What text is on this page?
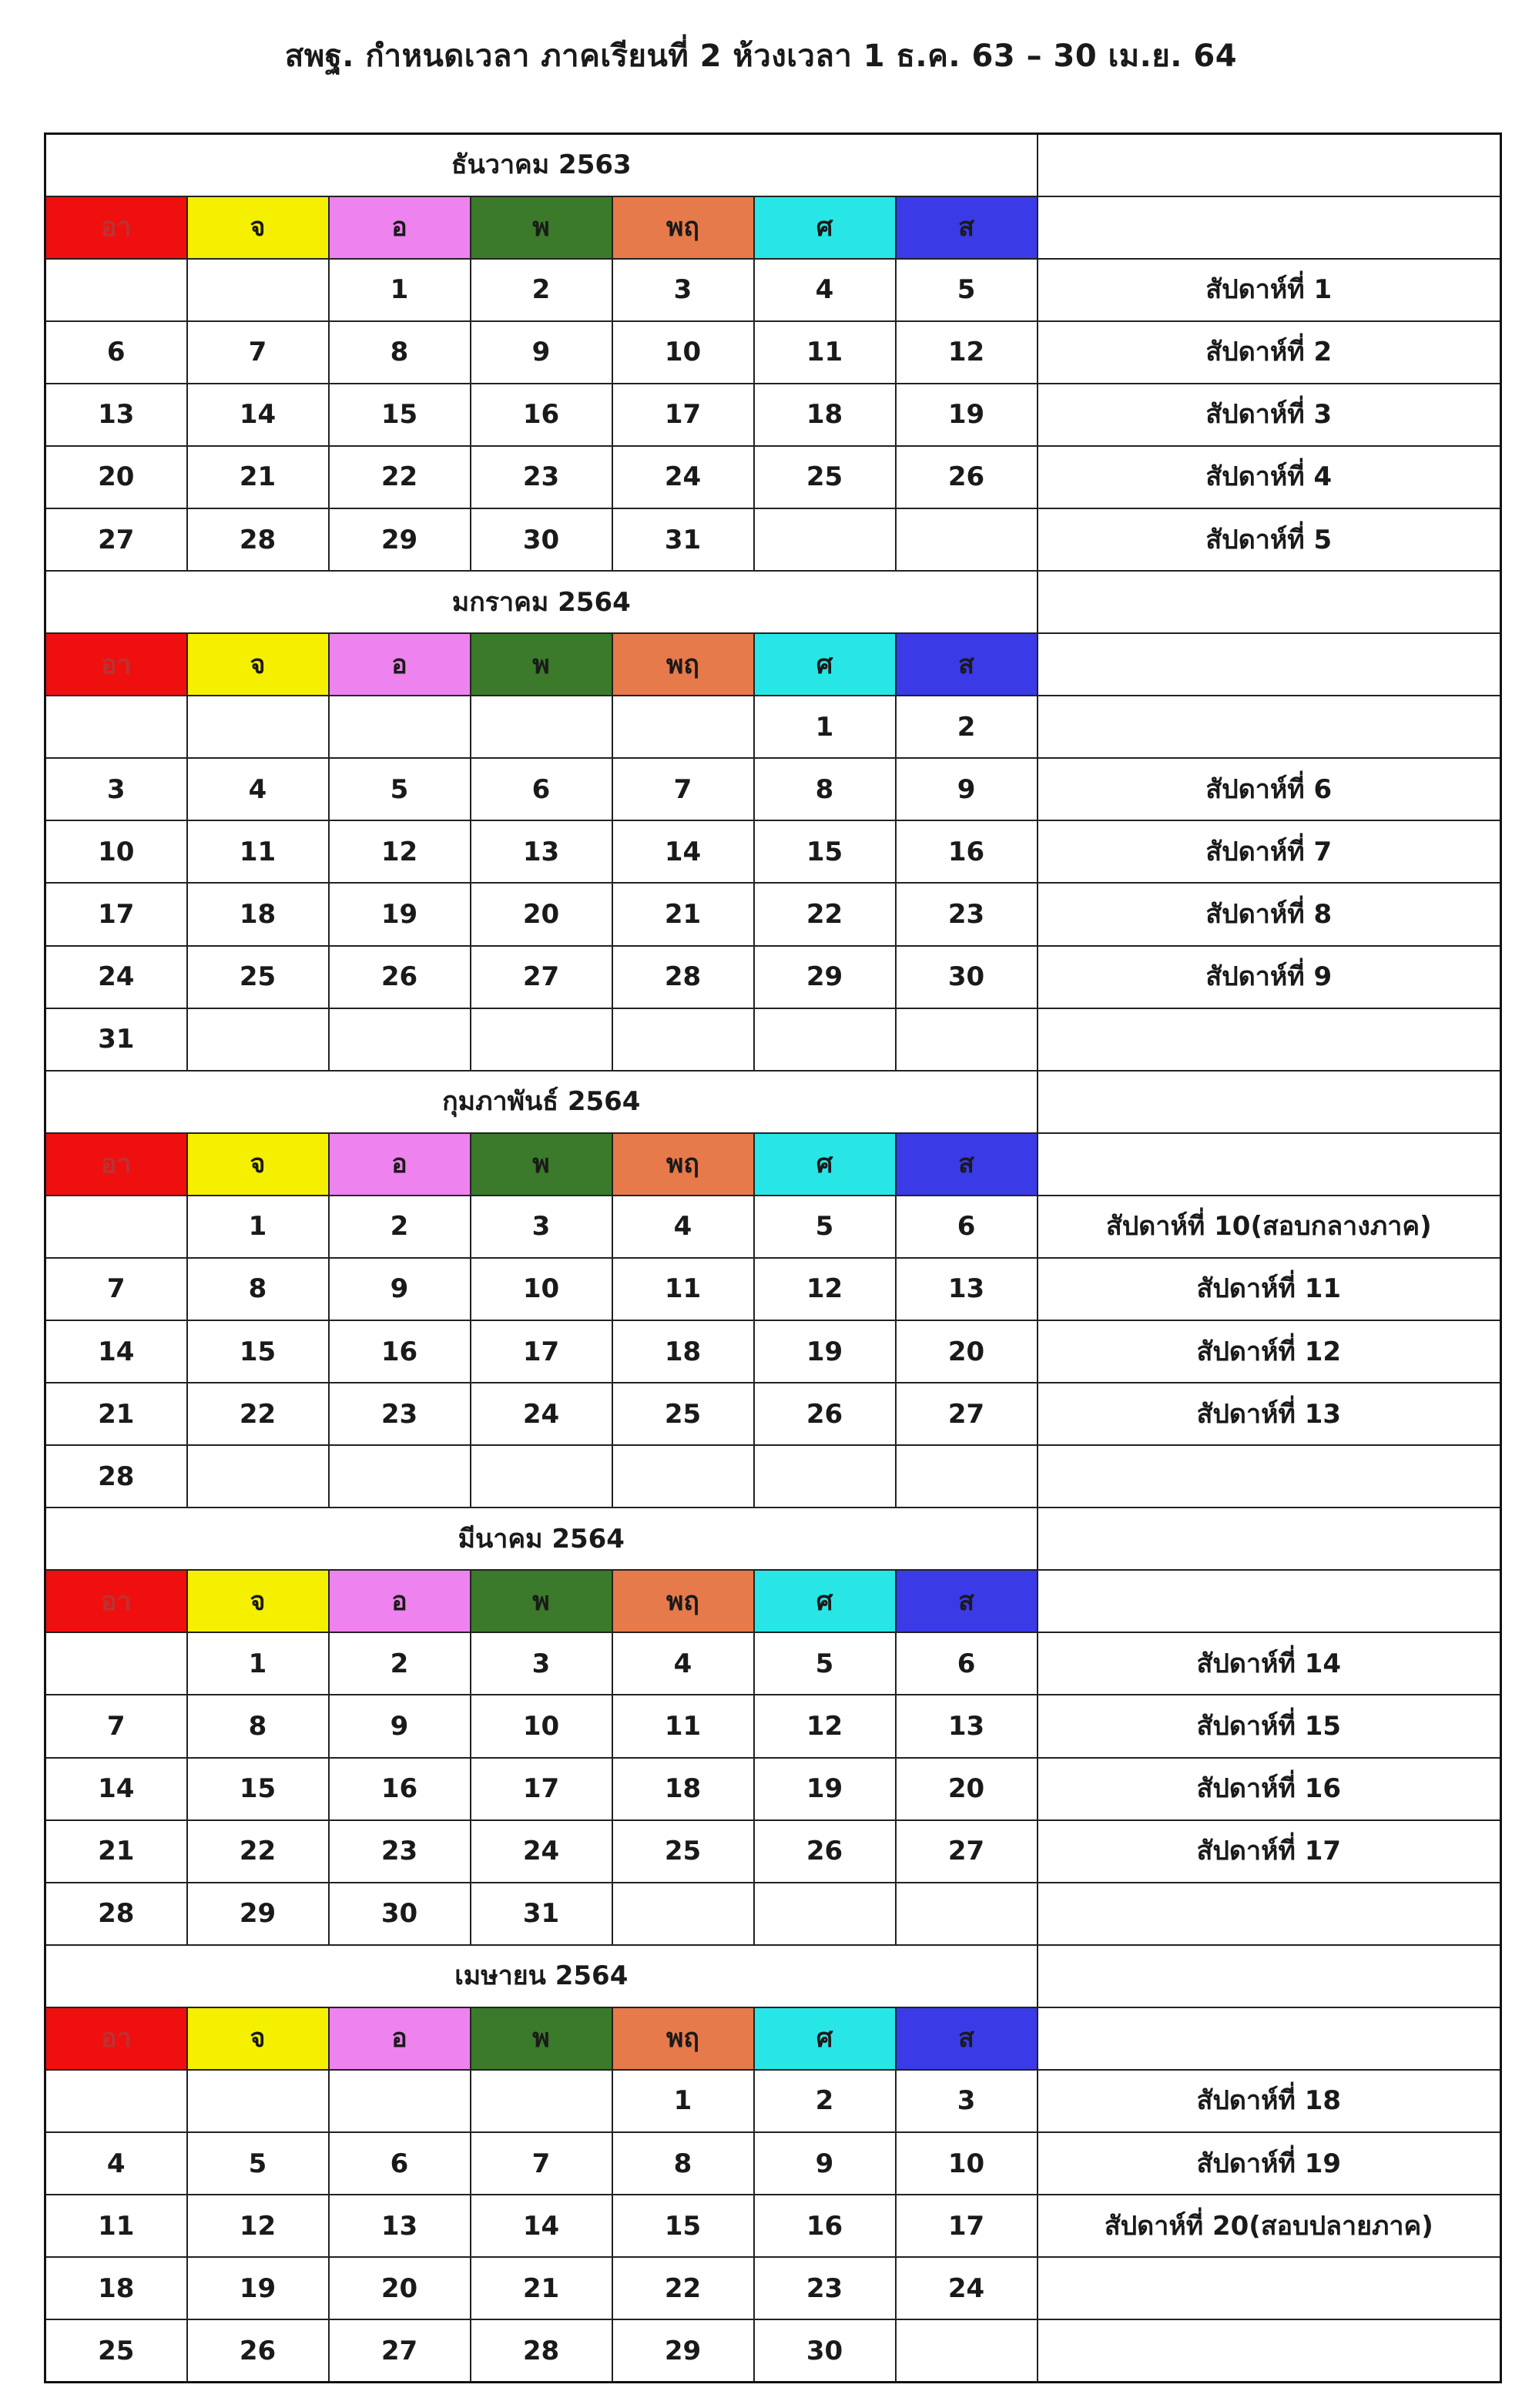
สพฐ. กำหนดเวลา ภาคเรียนที่ 2 ห้วงเวลา 1 ธ.ค. 63 – 30 เม.ย. 64
ธันวาคม 2563							
อา	จ	อ	พ	พฤ	ศ	ส	
		1	2	3	4	5	สัปดาห์ที่ 1
6	7	8	9	10	11	12	สัปดาห์ที่ 2
13	14	15	16	17	18	19	สัปดาห์ที่ 3
20	21	22	23	24	25	26	สัปดาห์ที่ 4
27	28	29	30	31			สัปดาห์ที่ 5
มกราคม 2564							
อา	จ	อ	พ	พฤ	ศ	ส	
					1	2	
3	4	5	6	7	8	9	สัปดาห์ที่ 6
10	11	12	13	14	15	16	สัปดาห์ที่ 7
17	18	19	20	21	22	23	สัปดาห์ที่ 8
24	25	26	27	28	29	30	สัปดาห์ที่ 9
31							
กุมภาพันธ์ 2564							
อา	จ	อ	พ	พฤ	ศ	ส	
	1	2	3	4	5	6	สัปดาห์ที่ 10(สอบกลางภาค)
7	8	9	10	11	12	13	สัปดาห์ที่ 11
14	15	16	17	18	19	20	สัปดาห์ที่ 12
21	22	23	24	25	26	27	สัปดาห์ที่ 13
28							
มีนาคม 2564							
อา	จ	อ	พ	พฤ	ศ	ส	
	1	2	3	4	5	6	สัปดาห์ที่ 14
7	8	9	10	11	12	13	สัปดาห์ที่ 15
14	15	16	17	18	19	20	สัปดาห์ที่ 16
21	22	23	24	25	26	27	สัปดาห์ที่ 17
28	29	30	31				
เมษายน 2564							
อา	จ	อ	พ	พฤ	ศ	ส	
				1	2	3	สัปดาห์ที่ 18
4	5	6	7	8	9	10	สัปดาห์ที่ 19
11	12	13	14	15	16	17	สัปดาห์ที่ 20(สอบปลายภาค)
18	19	20	21	22	23	24	
25	26	27	28	29	30		
